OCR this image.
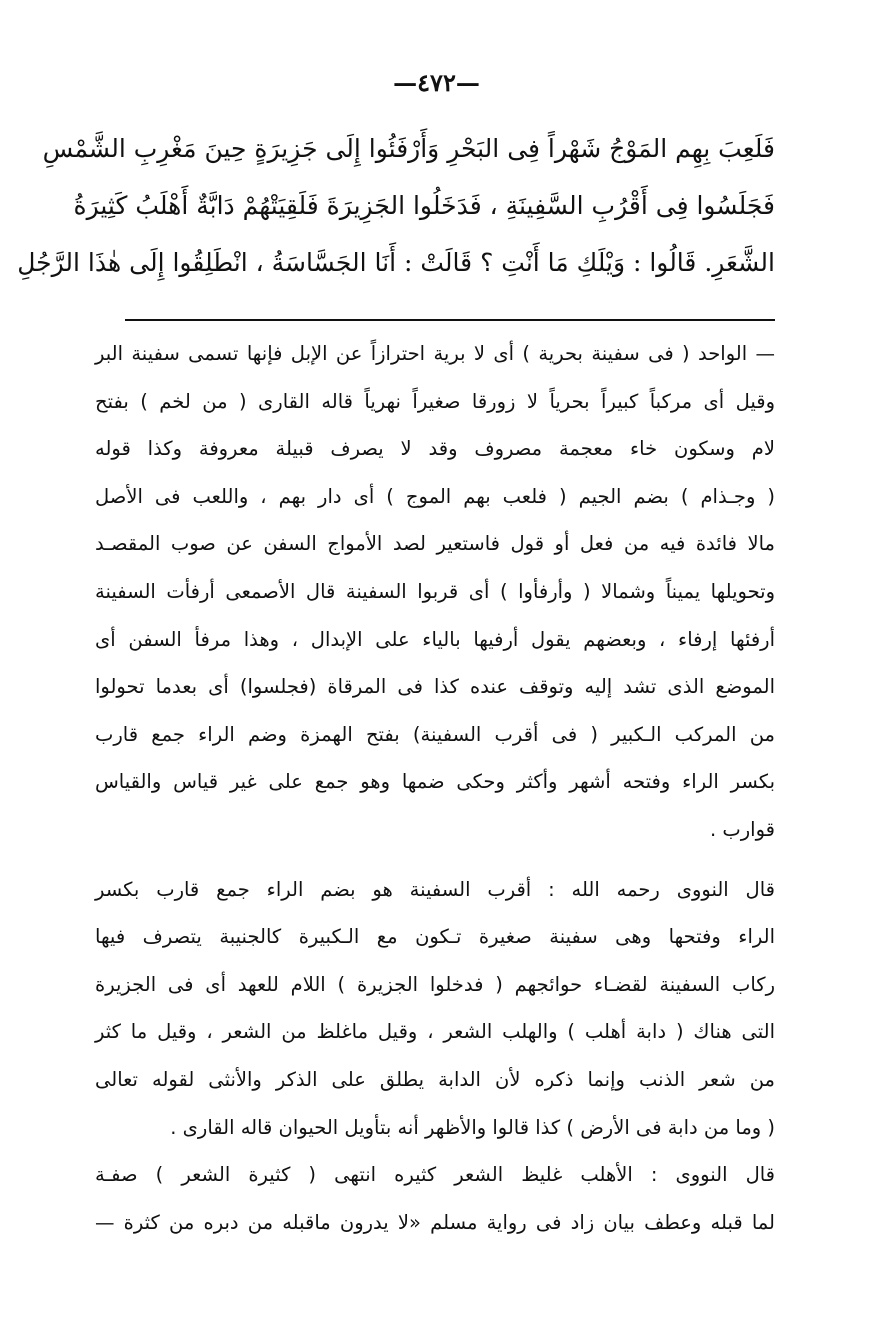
—٤٧٢—
فَلَعِبَ بِهِم المَوْجُ شَهْراً فِى البَحْرِ وَأَرْفَئُوا إِلَى جَزِيرَةٍ حِينَ مَغْرِبِ الشَّمْسِ
فَجَلَسُوا فِى أَقْرُبِ السَّفِينَةِ ، فَدَخَلُوا الجَزِيرَةَ فَلَقِيَتْهُمْ دَابَّةٌ أَهْلَبُ كَثِيرَةُ
الشَّعَرِ. قَالُوا : وَيْلَكِ مَا أَنْتِ ؟ قَالَتْ : أَنَا الجَسَّاسَةُ ، انْطَلِقُوا إِلَى هٰذَا الرَّجُلِ
— الواحد ( فى سفينة بحرية ) أى لا برية احترازاً عن الإبل فإنها تسمى سفينة البر
وقيل أى مركباً كبيراً بحرياً لا زورقا صغيراً نهرياً قاله القارى ( من لخم ) بفتح
لام وسكون خاء معجمة مصروف وقد لا يصرف قبيلة معروفة وكذا قوله
( وجـذام ) بضم الجيم ( فلعب بهم الموج ) أى دار بهم ، واللعب فى الأصل
مالا فائدة فيه من فعل أو قول فاستعير لصد الأمواج السفن عن صوب المقصـد
وتحويلها يميناً وشمالا ( وأرفأوا ) أى قربوا السفينة قال الأصمعى أرفأت السفينة
أرفئها إرفاء ، وبعضهم يقول أرفيها بالياء على الإبدال ، وهذا مرفأ السفن أى
الموضع الذى تشد إليه وتوقف عنده كذا فى المرقاة (فجلسوا) أى بعدما تحولوا
من المركب الـكبير ( فى أقرب السفينة) بفتح الهمزة وضم الراء جمع قارب
بكسر الراء وفتحه أشهر وأكثر وحكى ضمها وهو جمع على غير قياس والقياس
قوارب .
قال النووى رحمه الله : أقرب السفينة هو بضم الراء جمع قارب بكسر
الراء وفتحها وهى سفينة صغيرة تـكون مع الـكبيرة كالجنيبة يتصرف فيها
ركاب السفينة لقضـاء حوائجهم ( فدخلوا الجزيرة ) اللام للعهد أى فى الجزيرة
التى هناك ( دابة أهلب ) والهلب الشعر ، وقيل ماغلظ من الشعر ، وقيل ما كثر
من شعر الذنب وإنما ذكره لأن الدابة يطلق على الذكر والأنثى لقوله تعالى
( وما من دابة فى الأرض ) كذا قالوا والأظهر أنه بتأويل الحيوان قاله القارى .
قال النووى : الأهلب غليظ الشعر كثيره انتهى ( كثيرة الشعر ) صفـة
لما قبله وعطف بيان زاد فى رواية مسلم «لا يدرون ماقبله من دبره من كثرة —
